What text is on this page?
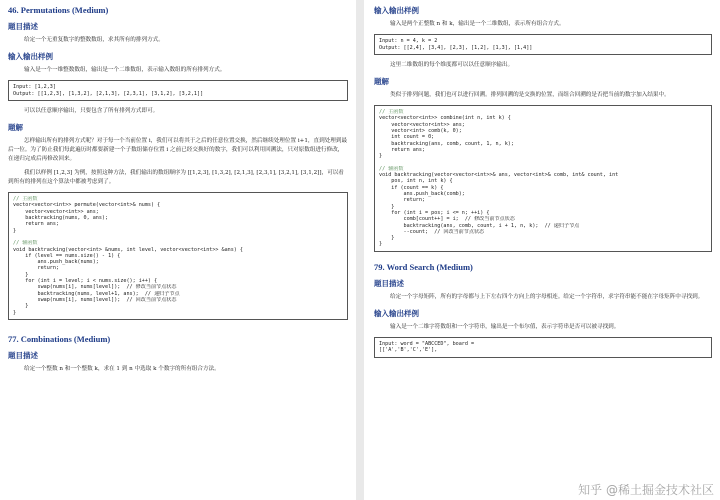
46. Permutations (Medium)
题目描述

给定一个无重复数字的整数数组，求其所有的排列方式。

输入输出样例

输入是一个一维整数数组，输出是一个二维数组，表示输入数组的所有排列方式。

Input: [1,2,3]
Output: [[1,2,3], [1,3,2], [2,1,3], [2,3,1], [3,1,2], [3,2,1]]

可以以任意顺序输出，只要包含了所有排列方式即可。

题解

怎样输出所有的排列方式呢？对于每一个当前位置 i，我们可以将其于之后的任意位置交换，然后继续处理位置 i+1，直到处理到最后一位。为了防止我们每此遍历时都要新建一个子数组储存位置 i 之前已经交换好的数字，我们可以利用回溯法，只对原数组进行修改，在递归完成后再修改回来。

我们以样例 [1,2,3] 为例，按照这种方法，我们输出的数组顺序为 [[1,2,3], [1,3,2], [2,1,3], [2,3,1], [3,2,1], [3,1,2]]，可以看到所有的排列在这个算法中都被考虑到了。

// 主函数
vector<vector<int>> permute(vector<int>& nums) {
vector<vector<int>> ans;
backtracking(nums, 0, ans);
return ans;
}
// 辅函数
void backtracking(vector<int> &nums, int level, vector<vector<int>> &ans) {
if (level == nums.size() - 1) {
ans.push_back(nums);
return;
}
for (int i = level; i < nums.size(); i++) {
swap(nums[i], nums[level]);  // 修改当前节点状态
backtracking(nums, level+1, ans);  // 递归子节点
swap(nums[i], nums[level]);  // 回改当前节点状态
}
}
77. Combinations (Medium)
题目描述

给定一个整数 n 和一个整数 k，求在 1 到 n 中选取 k 个数字的所有组合方法。

输入输出样例

输入是两个正整数 n 和 k，输出是一个二维数组，表示所有组合方式。

Input: n = 4, k = 2
Output: [[2,4], [3,4], [2,3], [1,2], [1,3], [1,4]]

这里二维数组的每个维度都可以以任意顺序输出。

题解

类似于排列问题，我们也可以进行回溯。排列回溯的是交换的位置，而组合回溯的是否把当前的数字加入结果中。

// 主函数
vector<vector<int>> combine(int n, int k) {
vector<vector<int>> ans;
vector<int> comb(k, 0);
int count = 0;
backtracking(ans, comb, count, 1, n, k);
return ans;
}
// 辅函数
void backtracking(vector<vector<int>>& ans, vector<int>& comb, int& count, int
pos, int n, int k) {
if (count == k) {
ans.push_back(comb);
return;
}
for (int i = pos; i <= n; ++i) {
comb[count++] = i;  // 修改当前节点状态
backtracking(ans, comb, count, i + 1, n, k);  // 递归子节点
--count;  // 回改当前节点状态
}
}
79. Word Search (Medium)
题目描述

给定一个字母矩阵，所有的字母都与上下左右四个方向上的字母相连。给定一个字符串，求字符串能不能在字母矩阵中寻找到。

输入输出样例

输入是一个二维字符数组和一个字符串，输出是一个布尔值，表示字符串是否可以被寻找到。

Input: word = "ABCCED", board =
[['A','B','C','E'],
知乎 @稀土掘金技术社区
